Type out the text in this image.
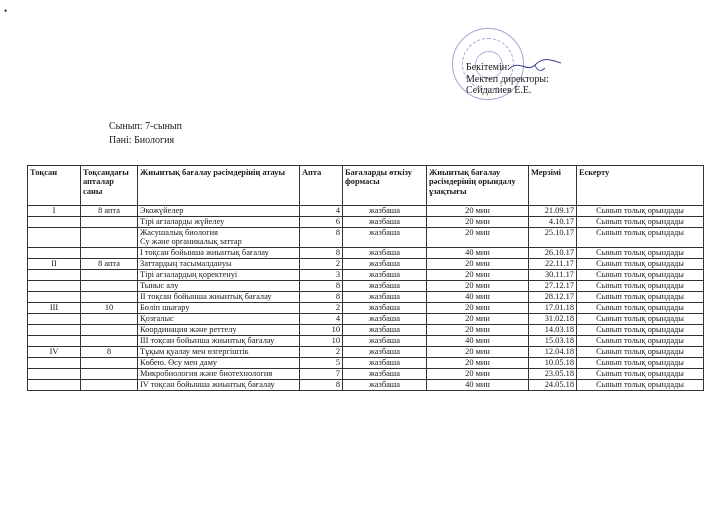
•
Бекітемін:
Мектеп директоры:
Сейдалиев Е.Е.
Сынып: 7-сынып
Пәні: Биология
Тоқсан	Тоқсандағы апталар саны	Жиынтық бағалау рәсімдерінің атауы	Апта	Бағаларды өткізу формасы	Жиынтық бағалау рәсімдерінің орындалу ұзақтығы	Мерзімі	Ескерту
I	8 апта	Экожүйелер	4	жазбаша	20 мин	21.09.17	Сынып толық орындады
		Тірі ағзаларды жүйелеу	6	жазбаша	20 мин	4.10.17	Сынып толық орындады

		Жасушалық биология
Су және органикалық заттар	8	жазбаша	20 мин	25.10.17	Сынып толық орындады
		I тоқсан бойынша жиынтық бағалау	8	жазбаша	40 мин	26.10.17	Сынып толық орындады
II	8 апта	Заттардың тасымалдануы	2	жазбаша	20 мин	22.11.17	Сынып толық орындады
		Тірі ағзалардың қоректенуі	3	жазбаша	20 мин	30.11.17	Сынып толық орындады
		Тыныс алу	8	жазбаша	20 мин	27.12.17	Сынып толық орындады
		II тоқсан бойынша жиынтық бағалау	8	жазбаша	40 мин	28.12.17	Сынып толық орындады
III	10	Бөліп шығару	2	жазбаша	20 мин	17.01.18	Сынып толық орындады
		Қозғалыс	4	жазбаша	20 мин	31.02.18	Сынып толық орындады
		Координация және реттелу	10	жазбаша	20 мин	14.03.18	Сынып толық орындады
		III тоқсан бойынша жиынтық бағалау	10	жазбаша	40 мин	15.03.18	Сынып толық орындады
IV	8	Тұқым қуалау мен өзгергіштік	2	жазбаша	20 мин	12.04.18	Сынып толық орындады
		Көбею. Өсу мен даму	5	жазбаша	20 мин	10.05.18	Сынып толық орындады
		Микробиология және биотехнология	7	жазбаша	20 мин	23.05.18	Сынып толық орындады
		IV тоқсан бойынша жиынтық бағалау	8	жазбаша	40 мин	24.05.18	Сынып толық орындады
